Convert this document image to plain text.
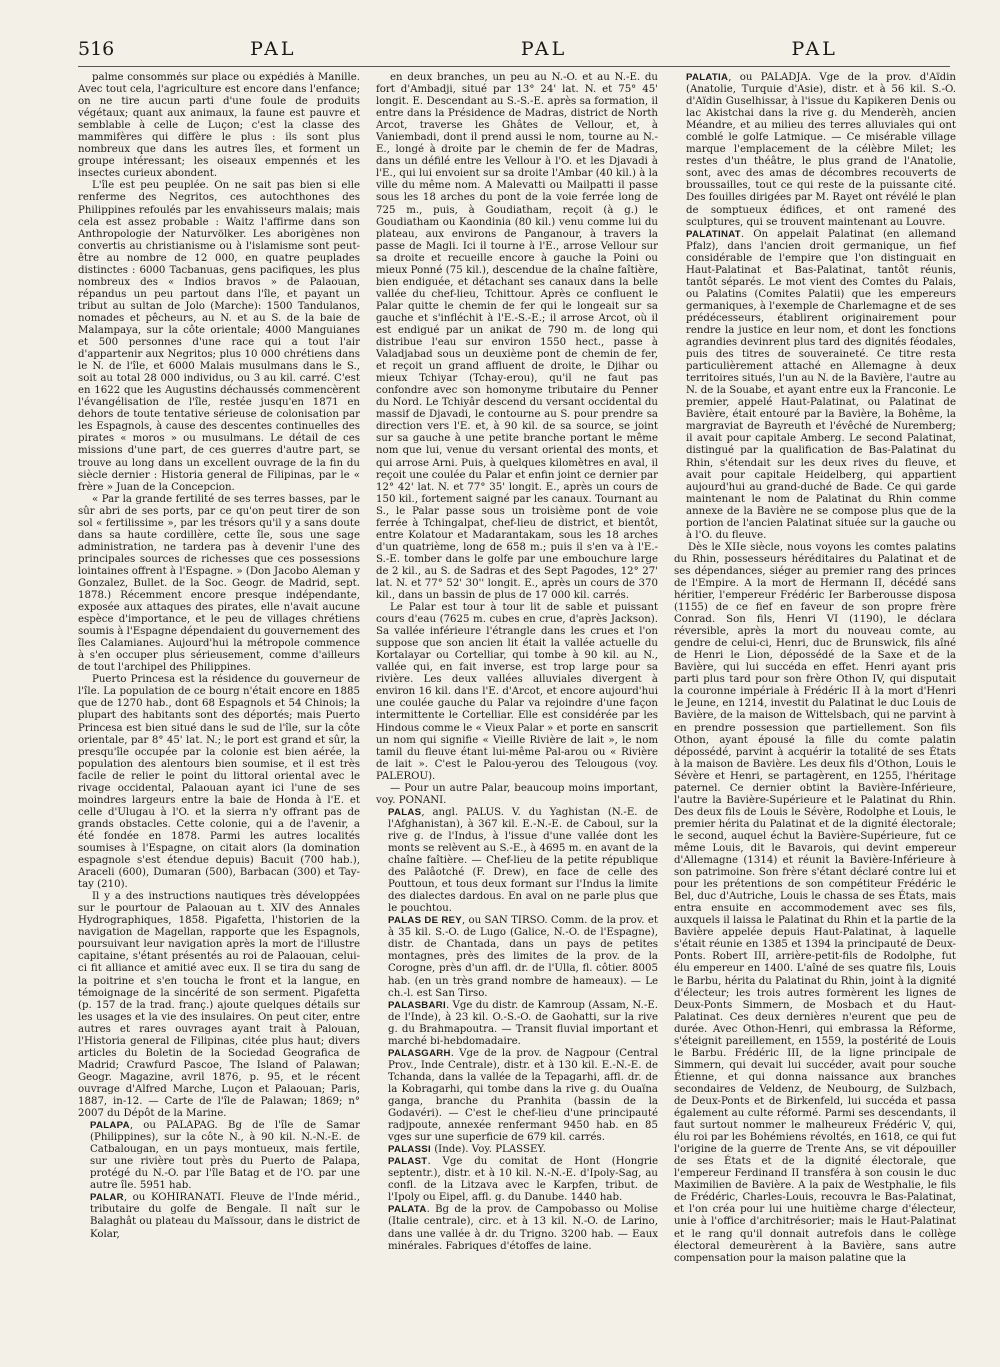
516	PAL	PAL	PAL

palme consommés sur place ou expédiés à Manille. Avec tout cela, l'agriculture est encore dans l'enfance; on ne tire aucun parti d'une foule de produits végétaux; quant aux animaux, la faune est pauvre et semblable à celle de Luçon; c'est la classe des mammifères qui diffère le plus : ils sont plus nombreux que dans les autres îles, et forment un groupe intéressant; les oiseaux empennés et les insectes curieux abondent.

L'île est peu peuplée. On ne sait pas bien si elle renferme des Negritos, ces autochthones des Philippines refoulés par les envahisseurs malais; mais cela est assez probable : Waitz l'affirme dans son Anthropologie der Naturvölker. Les aborigènes non convertis au christianisme ou à l'islamisme sont peut-être au nombre de 12 000, en quatre peuplades distinctes : 6000 Tacbanuas, gens pacifiques, les plus nombreux des « Indios bravos » de Palaouan, répandus un peu partout dans l'île, et payant un tribut au sultan de Jolo (Marche): 1500 Tandulanos, nomades et pêcheurs, au N. et au S. de la baie de Malampaya, sur la côte orientale; 4000 Manguianes et 500 personnes d'une race qui a tout l'air d'appartenir aux Negritos; plus 10 000 chrétiens dans le N. de l'île, et 6000 Malais musulmans dans le S., soit au total 28 000 individus, ou 3 au kil. carré. C'est en 1622 que les Augustins déchaussés commencèrent l'évangélisation de l'île, restée jusqu'en 1871 en dehors de toute tentative sérieuse de colonisation par les Espagnols, à cause des descentes continuelles des pirates « moros » ou musulmans. Le détail de ces missions d'une part, de ces guerres d'autre part, se trouve au long dans un excellent ouvrage de la fin du siècle dernier : Historia general de Filipinas, par le « frère » Juan de la Concepcion.

« Par la grande fertilité de ses terres basses, par le sûr abri de ses ports, par ce qu'on peut tirer de son sol « fertilissime », par les trésors qu'il y a sans doute dans sa haute cordillère, cette île, sous une sage administration, ne tardera pas à devenir l'une des principales sources de richesses que ces possessions lointaines offrent à l'Espagne. » (Don Jacobo Aleman y Gonzalez, Bullet. de la Soc. Geogr. de Madrid, sept. 1878.) Récemment encore presque indépendante, exposée aux attaques des pirates, elle n'avait aucune espèce d'importance, et le peu de villages chrétiens soumis à l'Espagne dépendaient du gouvernement des îles Calamianes. Aujourd'hui la métropole commence à s'en occuper plus sérieusement, comme d'ailleurs de tout l'archipel des Philippines.

Puerto Princesa est la résidence du gouverneur de l'île. La population de ce bourg n'était encore en 1885 que de 1270 hab., dont 68 Espagnols et 54 Chinois; la plupart des habitants sont des déportés; mais Puerto Princesa est bien situé dans le sud de l'île, sur la côte orientale, par 8° 45' lat. N.; le port est grand et sûr, la presqu'île occupée par la colonie est bien aérée, la population des alentours bien soumise, et il est très facile de relier le point du littoral oriental avec le rivage occidental, Palaouan ayant ici l'une de ses moindres largeurs entre la baie de Honda à l'E. et celle d'Ulugau à l'O. et la sierra n'y offrant pas de grands obstacles. Cette colonie, qui a de l'avenir, a été fondée en 1878. Parmi les autres localités soumises à l'Espagne, on citait alors (la domination espagnole s'est étendue depuis) Bacuit (700 hab.), Araceli (600), Dumaran (500), Barbacan (300) et Tay-tay (210).

Il y a des instructions nautiques très développées sur le pourtour de Palaouan au t. XIV des Annales Hydrographiques, 1858. Pigafetta, l'historien de la navigation de Magellan, rapporte que les Espagnols, poursuivant leur navigation après la mort de l'illustre capitaine, s'étant présentés au roi de Palaouan, celui-ci fit alliance et amitié avec eux. Il se tira du sang de la poitrine et s'en toucha le front et la langue, en témoignage de la sincérité de son serment. Pigafetta (p. 157 de la trad. franç.) ajoute quelques détails sur les usages et la vie des insulaires. On peut citer, entre autres et rares ouvrages ayant trait à Palouan, l'Historia general de Filipinas, citée plus haut; divers articles du Boletin de la Sociedad Geografica de Madrid; Crawfurd Pascoe, The Island of Palawan; Geogr. Magazine, avril 1876, p. 95, et le récent ouvrage d'Alfred Marche, Luçon et Palaouan; Paris, 1887, in-12. — Carte de l'île de Palawan; 1869; n° 2007 du Dépôt de la Marine.

PALAPA, ou PALAPAG. Bg de l'île de Samar (Philippines), sur la côte N., à 90 kil. N.-N.-E. de Catbalougan, en un pays montueux, mais fertile, sur une rivière tout près du Puerto de Palapa, protégé du N.-O. par l'île Batag et de l'O. par une autre île. 5951 hab.

PALAR, ou KOHIRANATI. Fleuve de l'Inde mérid., tributaire du golfe de Bengale. Il naît sur le Balaghât ou plateau du Maïssour, dans le district de Kolar,

en deux branches, un peu au N.-O. et au N.-E. du fort d'Ambadji, situé par 13° 24' lat. N. et 75° 45' longit. E. Descendant au S.-S.-E. après sa formation, il entre dans la Présidence de Madras, district de North Arcot, traverse les Ghâtes de Vellour, et, à Vaniembadi, dont il prend aussi le nom, tourne au N.-E., longé à droite par le chemin de fer de Madras, dans un défilé entre les Vellour à l'O. et les Djavadi à l'E., qui lui envoient sur sa droite l'Ambar (40 kil.) à la ville du même nom. A Malevatti ou Mailpatti il passe sous les 18 arches du pont de la voie ferrée long de 725 m., puis, à Goudiatham, reçoit (à g.) le Goudiatham ou Kaondinia (80 kil.) venu comme lui du plateau, aux environs de Panganour, à travers la passe de Magli. Ici il tourne à l'E., arrose Vellour sur sa droite et recueille encore à gauche la Poini ou mieux Ponné (75 kil.), descendue de la chaîne faîtière, bien endiguée, et détachant ses canaux dans la belle vallée du chef-lieu, Tchittour. Après ce confluent le Palar quitte le chemin de fer qui le longeait sur sa gauche et s'infléchit à l'E.-S.-E.; il arrose Arcot, où il est endigué par un anikat de 790 m. de long qui distribue l'eau sur environ 1550 hect., passe à Valadjabad sous un deuxième pont de chemin de fer, et reçoit un grand affluent de droite, le Djihar ou mieux Tchiyar (Tchay-erou), qu'il ne faut pas confondre avec son homonyme tributaire du Penner du Nord. Le Tchiyâr descend du versant occidental du massif de Djavadi, le contourne au S. pour prendre sa direction vers l'E. et, à 90 kil. de sa source, se joint sur sa gauche à une petite branche portant le même nom que lui, venue du versant oriental des monts, et qui arrose Arni. Puis, à quelques kilomètres en aval, il reçoit une coulée du Palar et enfin joint ce dernier par 12° 42' lat. N. et 77° 35' longit. E., après un cours de 150 kil., fortement saigné par les canaux. Tournant au S., le Palar passe sous un troisième pont de voie ferrée à Tchingalpat, chef-lieu de district, et bientôt, entre Kolatour et Madarantakam, sous les 18 arches d'un quatrième, long de 658 m.; puis il s'en va à l'E.-S.-E. tomber dans le golfe par une embouchure large de 2 kil., au S. de Sadras et des Sept Pagodes, 12° 27' lat. N. et 77° 52' 30'' longit. E., après un cours de 370 kil., dans un bassin de plus de 17 000 kil. carrés.

Le Palar est tour à tour lit de sable et puissant cours d'eau (7625 m. cubes en crue, d'après Jackson). Sa vallée inférieure l'étrangle dans les crues et l'on suppose que son ancien lit était la vallée actuelle du Kortalayar ou Cortelliar, qui tombe à 90 kil. au N., vallée qui, en fait inverse, est trop large pour sa rivière. Les deux vallées alluviales divergent à environ 16 kil. dans l'E. d'Arcot, et encore aujourd'hui une coulée gauche du Palar va rejoindre d'une façon intermittente le Cortelliar. Elle est considérée par les Hindous comme le « Vieux Palar » et porte en sanscrit un nom qui signifie « Vieille Rivière de lait », le nom tamil du fleuve étant lui-même Pal-arou ou « Rivière de lait ». C'est le Palou-yerou des Telougous (voy. PALEROU).

— Pour un autre Palar, beaucoup moins important, voy. PONANI.

PALAS, angl. PALUS. V. du Yaghistan (N.-E. de l'Afghanistan), à 367 kil. E.-N.-E. de Caboul, sur la rive g. de l'Indus, à l'issue d'une vallée dont les monts se relèvent au S.-E., à 4695 m. en avant de la chaîne faîtière. — Chef-lieu de la petite république des Palâotché (F. Drew), en face de celle des Pouttoun, et tous deux formant sur l'Indus la limite des dialectes dardous. En aval on ne parle plus que le pouchtou.

PALAS DE REY, ou SAN TIRSO. Comm. de la prov. et à 35 kil. S.-O. de Lugo (Galice, N.-O. de l'Espagne), distr. de Chantada, dans un pays de petites montagnes, près des limites de la prov. de la Corogne, près d'un affl. dr. de l'Ulla, fl. côtier. 8005 hab. (en un très grand nombre de hameaux). — Le ch.-l. est San Tirso.

PALASBARI. Vge du distr. de Kamroup (Assam, N.-E. de l'Inde), à 23 kil. O.-S.-O. de Gaohatti, sur la rive g. du Brahmapoutra. — Transit fluvial important et marché bi-hebdomadaire.

PALASGARH. Vge de la prov. de Nagpour (Central Prov., Inde Centrale), distr. et à 130 kil. E.-N.-E. de Tchanda, dans la vallée de la Tepagarhi, affl. dr. de la Kobragarhi, qui tombe dans la rive g. du Ouaïna ganga, branche du Pranhita (bassin de la Godavéri). — C'est le chef-lieu d'une principauté radjpoute, annexée renfermant 9450 hab. en 85 vges sur une superficie de 679 kil. carrés.

PALASSI (Inde). Voy. PLASSEY.

PALAST. Vge du comitat de Hont (Hongrie septentr.), distr. et à 10 kil. N.-N.-E. d'Ipoly-Sag, au confl. de la Litzava avec le Karpfen, tribut. de l'Ipoly ou Eipel, affl. g. du Danube. 1440 hab.

PALATA. Bg de la prov. de Campobasso ou Molise (Italie centrale), circ. et à 13 kil. N.-O. de Larino, dans une vallée à dr. du Trigno. 3200 hab. — Eaux minérales. Fabriques d'étoffes de laine.

PALATIA, ou PALADJA. Vge de la prov. d'Aïdin (Anatolie, Turquie d'Asie), distr. et à 56 kil. S.-O. d'Aïdin Guselhissar, à l'issue du Kapikeren Denis ou lac Akistchai dans la rive g. du Menderèh, ancien Méandre, et au milieu des terres alluviales qui ont comblé le golfe Latmique. — Ce misérable village marque l'emplacement de la célèbre Milet; les restes d'un théâtre, le plus grand de l'Anatolie, sont, avec des amas de décombres recouverts de broussailles, tout ce qui reste de la puissante cité. Des fouilles dirigées par M. Rayet ont révélé le plan de somptueux édifices, et ont ramené des sculptures, qui se trouvent maintenant au Louvre.

PALATINAT. On appelait Palatinat (en allemand Pfalz), dans l'ancien droit germanique, un fief considérable de l'empire que l'on distinguait en Haut-Palatinat et Bas-Palatinat, tantôt réunis, tantôt séparés. Le mot vient des Comtes du Palais, ou Palatins (Comites Palatii) que les empereurs germaniques, à l'exemple de Charlemagne et de ses prédécesseurs, établirent originairement pour rendre la justice en leur nom, et dont les fonctions agrandies devinrent plus tard des dignités féodales, puis des titres de souveraineté. Ce titre resta particulièrement attaché en Allemagne à deux territoires situés, l'un au N. de la Bavière, l'autre au N. de la Souabe, et ayant entre eux la Franconie. Le premier, appelé Haut-Palatinat, ou Palatinat de Bavière, était entouré par la Bavière, la Bohême, la margraviat de Bayreuth et l'évêché de Nuremberg; il avait pour capitale Amberg. Le second Palatinat, distingué par la qualification de Bas-Palatinat du Rhin, s'étendait sur les deux rives du fleuve, et avait pour capitale Heidelberg, qui appartient aujourd'hui au grand-duché de Bade. Ce qui garde maintenant le nom de Palatinat du Rhin comme annexe de la Bavière ne se compose plus que de la portion de l'ancien Palatinat située sur la gauche ou à l'O. du fleuve.

Dès le XIIe siècle, nous voyons les comtes palatins du Rhin, possesseurs héréditaires du Palatinat et de ses dépendances, siéger au premier rang des princes de l'Empire. A la mort de Hermann II, décédé sans héritier, l'empereur Frédéric Ier Barberousse disposa (1155) de ce fief en faveur de son propre frère Conrad. Son fils, Henri VI (1190), le déclara réversible, après la mort du nouveau comte, au gendre de celui-ci, Henri, duc de Brunswick, fils aîné de Henri le Lion, dépossédé de la Saxe et de la Bavière, qui lui succéda en effet. Henri ayant pris parti plus tard pour son frère Othon IV, qui disputait la couronne impériale à Frédéric II à la mort d'Henri le Jeune, en 1214, investit du Palatinat le duc Louis de Bavière, de la maison de Wittelsbach, qui ne parvint à en prendre possession que partiellement. Son fils Othon, ayant épousé la fille du comte palatin dépossédé, parvint à acquérir la totalité de ses États à la maison de Bavière. Les deux fils d'Othon, Louis le Sévère et Henri, se partagèrent, en 1255, l'héritage paternel. Ce dernier obtint la Bavière-Inférieure, l'autre la Bavière-Supérieure et le Palatinat du Rhin. Des deux fils de Louis le Sévère, Rodolphe et Louis, le premier hérita du Palatinat et de la dignité électorale; le second, auquel échut la Bavière-Supérieure, fut ce même Louis, dit le Bavarois, qui devint empereur d'Allemagne (1314) et réunit la Bavière-Inférieure à son patrimoine. Son frère s'étant déclaré contre lui et pour les prétentions de son compétiteur Frédéric le Bel, duc d'Autriche, Louis le chassa de ses États, mais entra ensuite en accommodement avec ses fils, auxquels il laissa le Palatinat du Rhin et la partie de la Bavière appelée depuis Haut-Palatinat, à laquelle s'était réunie en 1385 et 1394 la principauté de Deux-Ponts. Robert III, arrière-petit-fils de Rodolphe, fut élu empereur en 1400. L'aîné de ses quatre fils, Louis le Barbu, hérita du Palatinat du Rhin, joint à la dignité d'électeur; les trois autres formèrent les lignes de Deux-Ponts Simmern, de Mosbach et du Haut-Palatinat. Ces deux dernières n'eurent que peu de durée. Avec Othon-Henri, qui embrassa la Réforme, s'éteignit pareillement, en 1559, la postérité de Louis le Barbu. Frédéric III, de la ligne principale de Simmern, qui devait lui succéder, avait pour souche Étienne, et qui donna naissance aux branches secondaires de Veldenz, de Neubourg, de Sulzbach, de Deux-Ponts et de Birkenfeld, lui succéda et passa également au culte réformé. Parmi ses descendants, il faut surtout nommer le malheureux Frédéric V, qui, élu roi par les Bohémiens révoltés, en 1618, ce qui fut l'origine de la guerre de Trente Ans, se vit dépouiller de ses États et de la dignité électorale, que l'empereur Ferdinand II transféra à son cousin le duc Maximilien de Bavière. A la paix de Westphalie, le fils de Frédéric, Charles-Louis, recouvra le Bas-Palatinat, et l'on créa pour lui une huitième charge d'électeur, unie à l'office d'architrésorier; mais le Haut-Palatinat et le rang qu'il donnait autrefois dans le collège électoral demeurèrent à la Bavière, sans autre compensation pour la maison palatine que la
